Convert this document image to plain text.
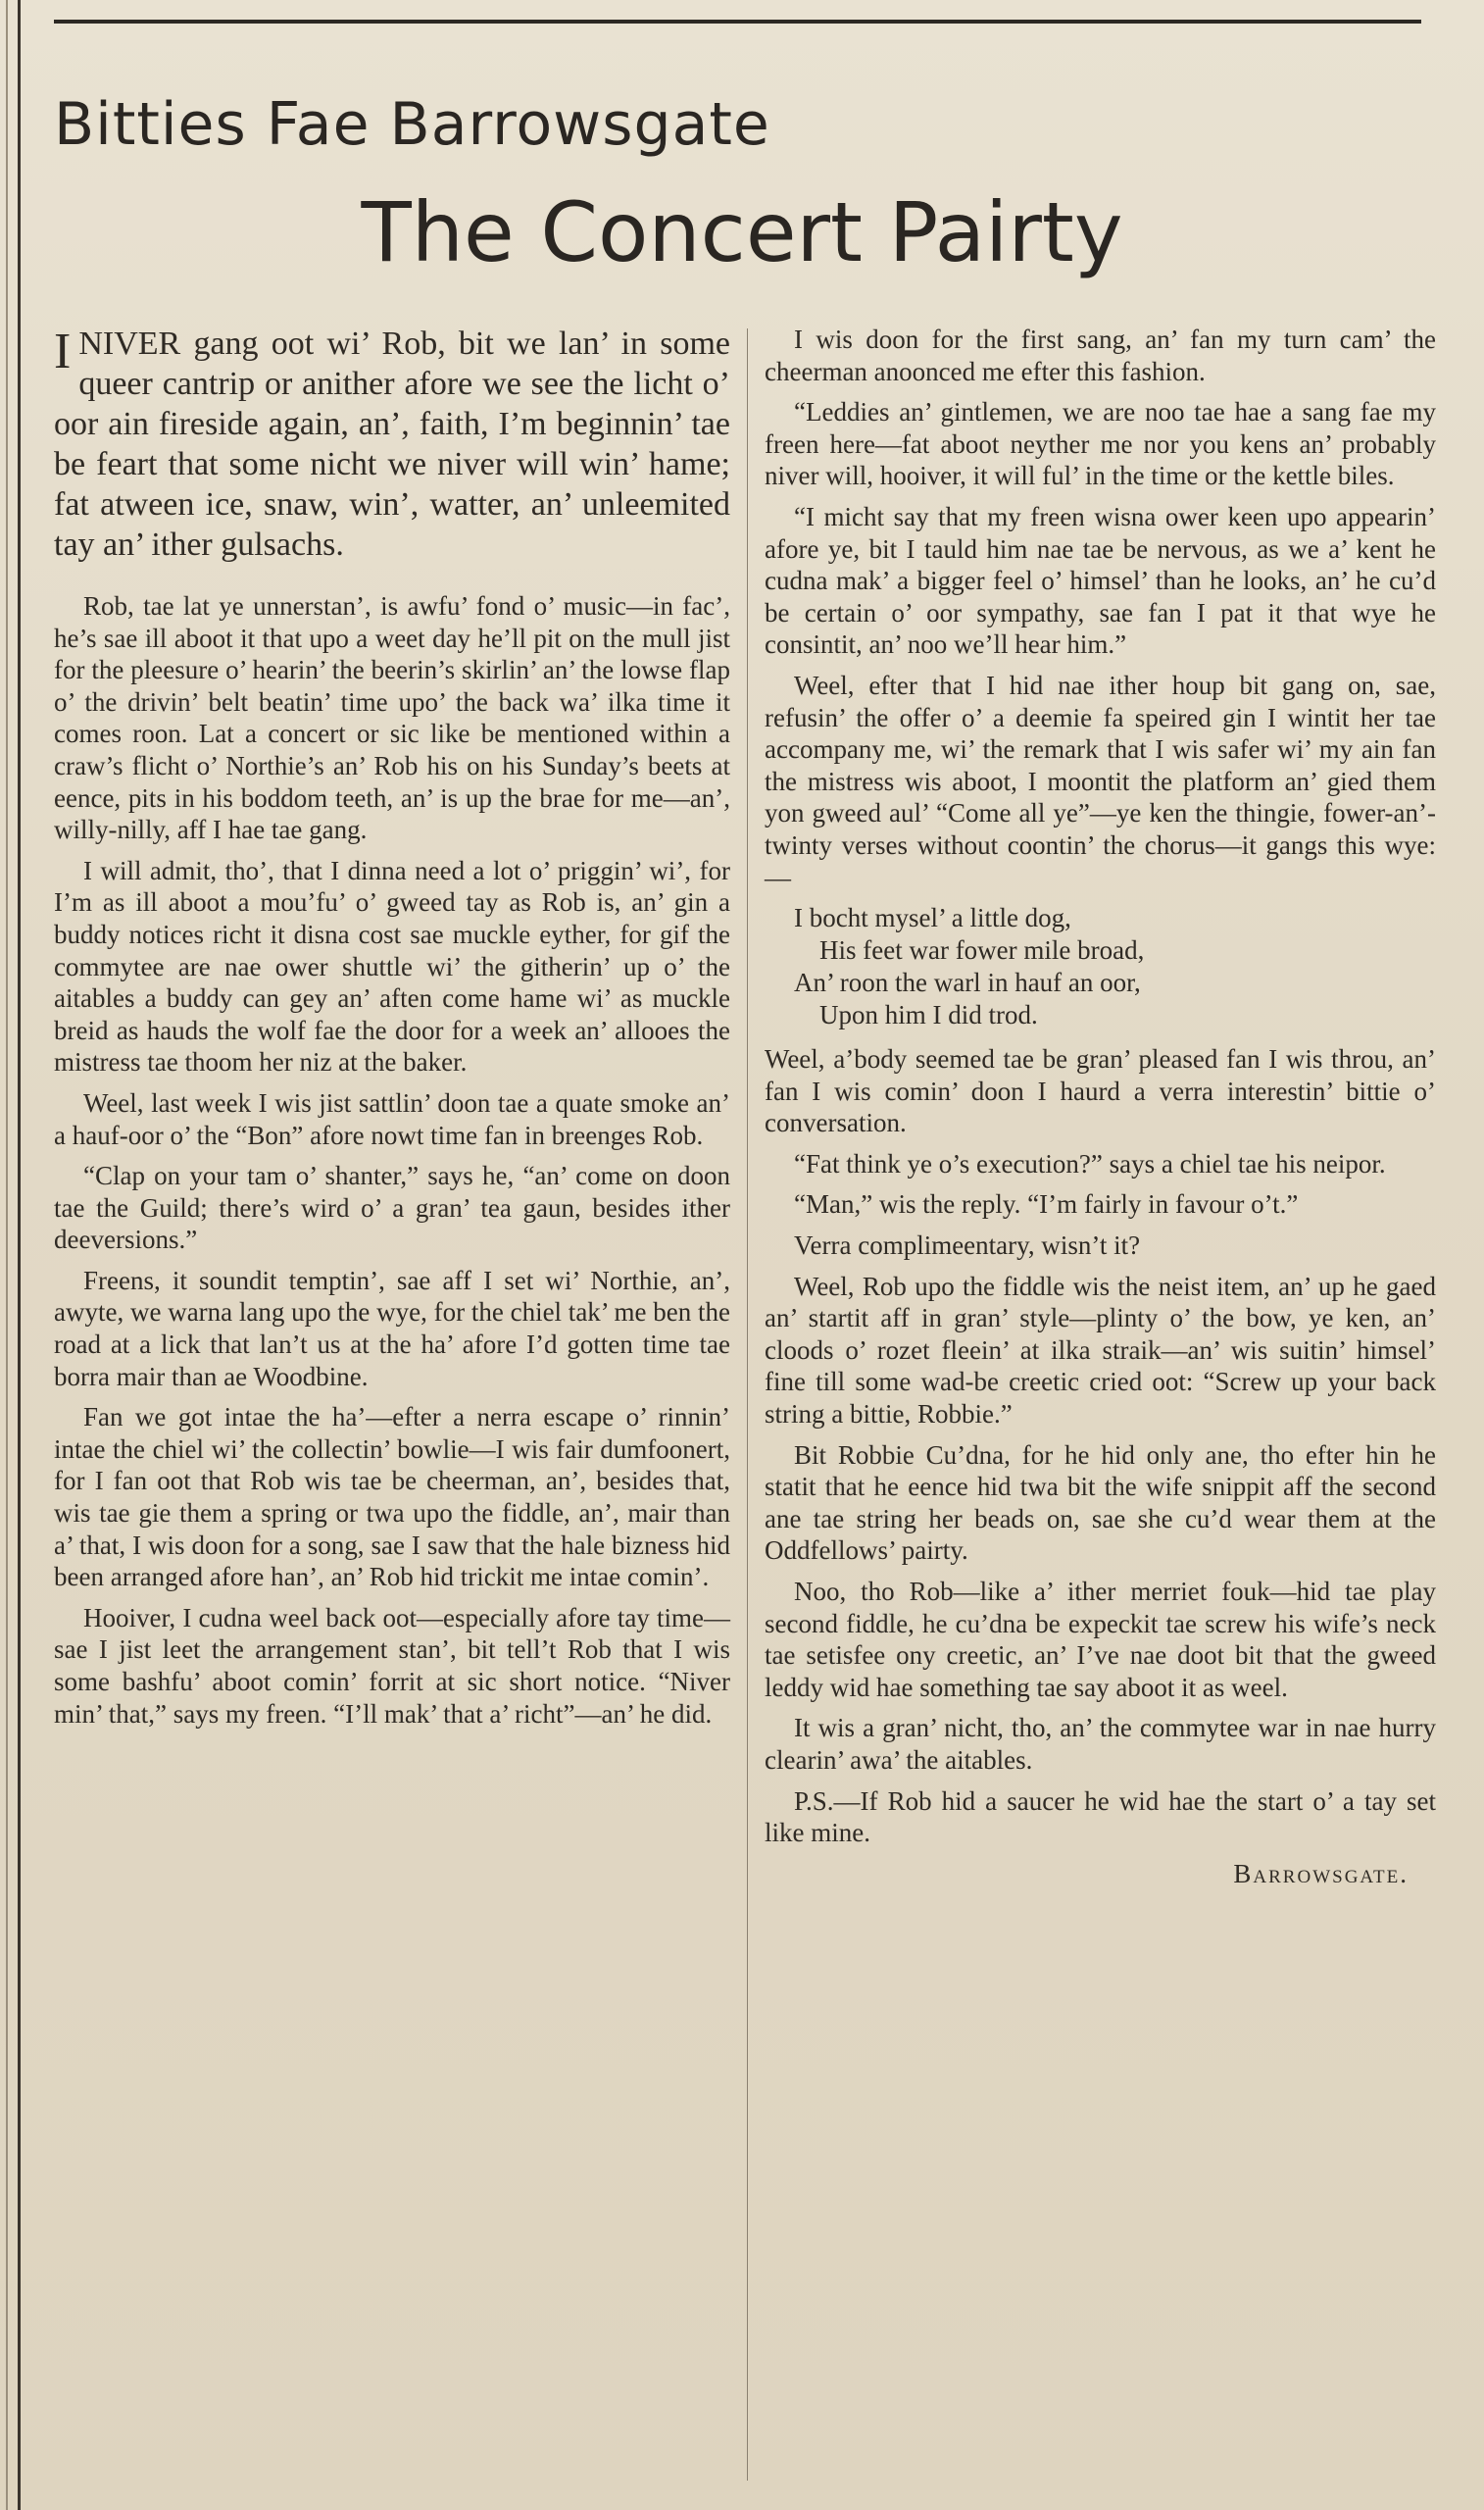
Bitties Fae Barrowsgate
The Concert Pairty

I NIVER gang oot wi’ Rob, bit we lan’ in some queer cantrip or anither afore we see the licht o’ oor ain fireside again, an’, faith, I’m beginnin’ tae be feart that some nicht we niver will win’ hame; fat atween ice, snaw, win’, watter, an’ unleemited tay an’ ither gulsachs.

Rob, tae lat ye unnerstan’, is awfu’ fond o’ music—in fac’, he’s sae ill aboot it that upo a weet day he’ll pit on the mull jist for the pleesure o’ hearin’ the beerin’s skirlin’ an’ the lowse flap o’ the drivin’ belt beatin’ time upo’ the back wa’ ilka time it comes roon. Lat a concert or sic like be mentioned within a craw’s flicht o’ Northie’s an’ Rob his on his Sunday’s beets at eence, pits in his boddom teeth, an’ is up the brae for me—an’, willy-nilly, aff I hae tae gang.

I will admit, tho’, that I dinna need a lot o’ priggin’ wi’, for I’m as ill aboot a mou’fu’ o’ gweed tay as Rob is, an’ gin a buddy notices richt it disna cost sae muckle eyther, for gif the commytee are nae ower shuttle wi’ the githerin’ up o’ the aitables a buddy can gey an’ aften come hame wi’ as muckle breid as hauds the wolf fae the door for a week an’ allooes the mistress tae thoom her niz at the baker.

Weel, last week I wis jist sattlin’ doon tae a quate smoke an’ a hauf-oor o’ the “Bon” afore nowt time fan in breenges Rob.

“Clap on your tam o’ shanter,” says he, “an’ come on doon tae the Guild; there’s wird o’ a gran’ tea gaun, besides ither deeversions.”

Freens, it soundit temptin’, sae aff I set wi’ Northie, an’, awyte, we warna lang upo the wye, for the chiel tak’ me ben the road at a lick that lan’t us at the ha’ afore I’d gotten time tae borra mair than ae Woodbine.

Fan we got intae the ha’—efter a nerra escape o’ rinnin’ intae the chiel wi’ the collectin’ bowlie—I wis fair dumfoonert, for I fan oot that Rob wis tae be cheerman, an’, besides that, wis tae gie them a spring or twa upo the fiddle, an’, mair than a’ that, I wis doon for a song, sae I saw that the hale bizness hid been arranged afore han’, an’ Rob hid trickit me intae comin’.

Hooiver, I cudna weel back oot—especially afore tay time—sae I jist leet the arrangement stan’, bit tell’t Rob that I wis some bashfu’ aboot comin’ forrit at sic short notice. “Niver min’ that,” says my freen. “I’ll mak’ that a’ richt”—an’ he did.

I wis doon for the first sang, an’ fan my turn cam’ the cheerman anoonced me efter this fashion.

“Leddies an’ gintlemen, we are noo tae hae a sang fae my freen here—fat aboot neyther me nor you kens an’ probably niver will, hooiver, it will ful’ in the time or the kettle biles.

“I micht say that my freen wisna ower keen upo appearin’ afore ye, bit I tauld him nae tae be nervous, as we a’ kent he cudna mak’ a bigger feel o’ himsel’ than he looks, an’ he cu’d be certain o’ oor sympathy, sae fan I pat it that wye he consintit, an’ noo we’ll hear him.”

Weel, efter that I hid nae ither houp bit gang on, sae, refusin’ the offer o’ a deemie fa speired gin I wintit her tae accompany me, wi’ the remark that I wis safer wi’ my ain fan the mistress wis aboot, I moontit the platform an’ gied them yon gweed aul’ “Come all ye”—ye ken the thingie, fower-an’-twinty verses without coontin’ the chorus—it gangs this wye:—

I bocht mysel’ a little dog,
His feet war fower mile broad,
An’ roon the warl in hauf an oor,
Upon him I did trod.

Weel, a’body seemed tae be gran’ pleased fan I wis throu, an’ fan I wis comin’ doon I haurd a verra interestin’ bittie o’ conversation.

“Fat think ye o’s execution?” says a chiel tae his neipor.

“Man,” wis the reply. “I’m fairly in favour o’t.”

Verra complimeentary, wisn’t it?

Weel, Rob upo the fiddle wis the neist item, an’ up he gaed an’ startit aff in gran’ style—plinty o’ the bow, ye ken, an’ cloods o’ rozet fleein’ at ilka straik—an’ wis suitin’ himsel’ fine till some wad-be creetic cried oot: “Screw up your back string a bittie, Robbie.”

Bit Robbie Cu’dna, for he hid only ane, tho efter hin he statit that he eence hid twa bit the wife snippit aff the second ane tae string her beads on, sae she cu’d wear them at the Oddfellows’ pairty.

Noo, tho Rob—like a’ ither merriet fouk—hid tae play second fiddle, he cu’dna be expeckit tae screw his wife’s neck tae setisfee ony creetic, an’ I’ve nae doot bit that the gweed leddy wid hae something tae say aboot it as weel.

It wis a gran’ nicht, tho, an’ the commytee war in nae hurry clearin’ awa’ the aitables.

P.S.—If Rob hid a saucer he wid hae the start o’ a tay set like mine.

Barrowsgate.
